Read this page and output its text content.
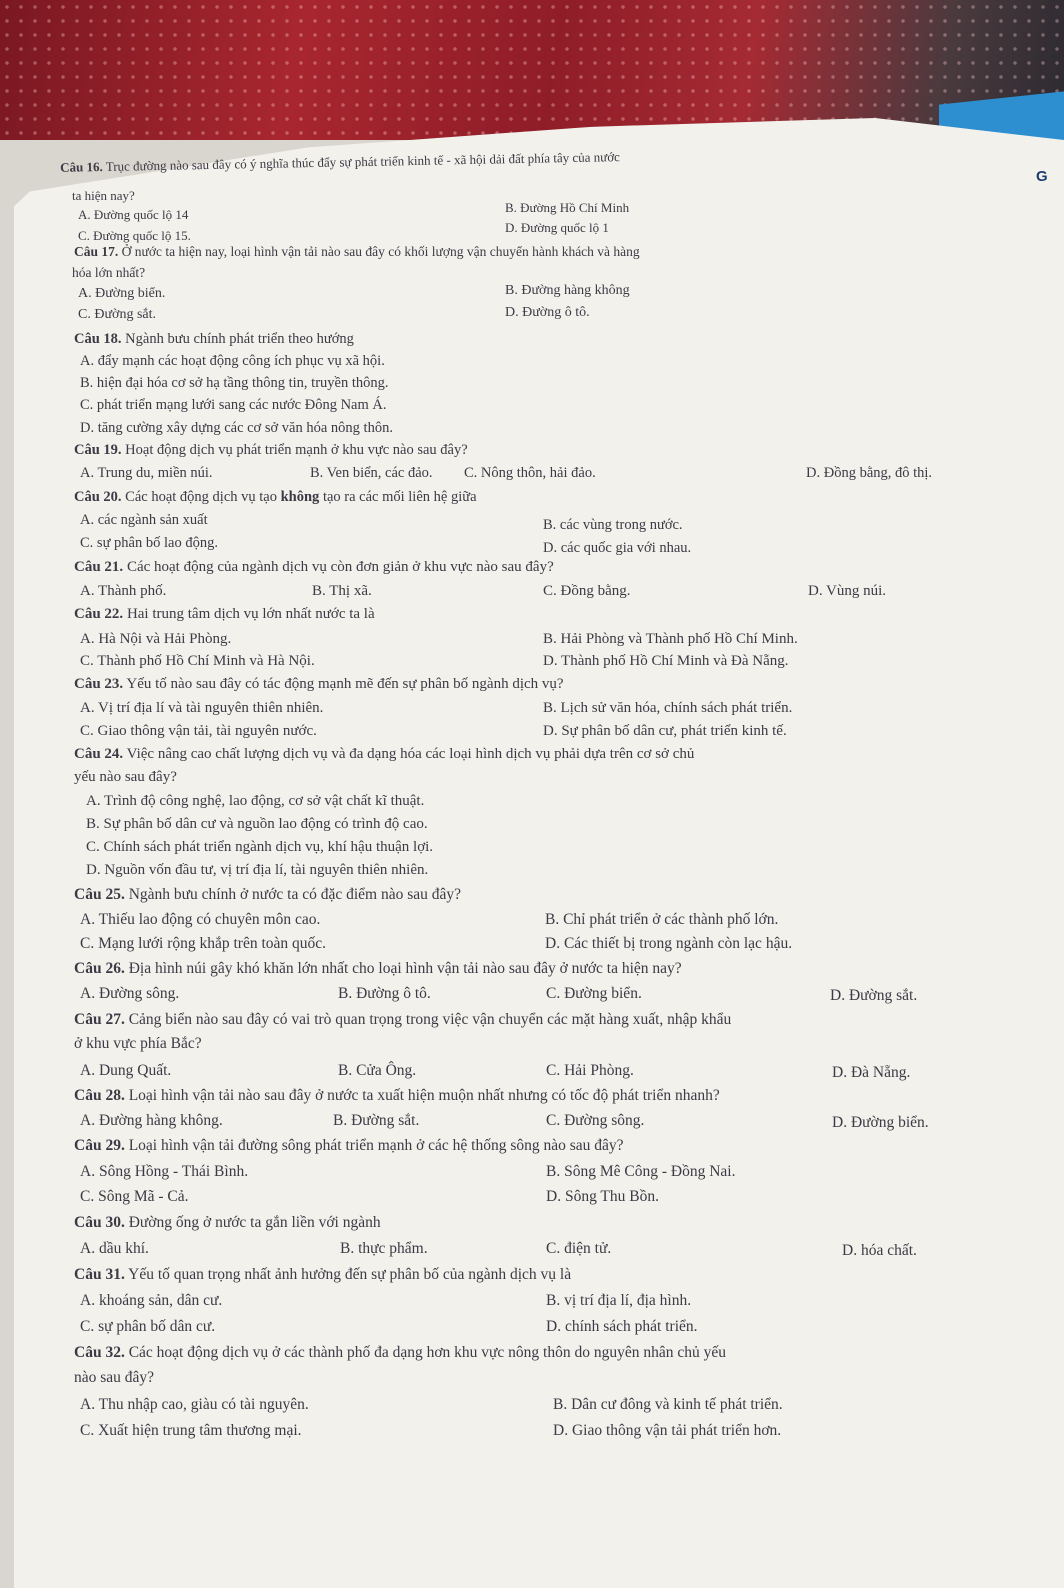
Câu 16. Trục đường nào sau đây có ý nghĩa thúc đẩy sự phát triển kinh tế - xã hội dải đất phía tây của nước
ta hiện nay?
A. Đường quốc lộ 14	B. Đường Hồ Chí Minh
C. Đường quốc lộ 15.
D. Đường quốc lộ 1
G
Câu 17. Ở nước ta hiện nay, loại hình vận tải nào sau đây có khối lượng vận chuyển hành khách và hàng
hóa lớn nhất?
A. Đường biển.	B. Đường hàng không
C. Đường sắt.	D. Đường ô tô.
Câu 18. Ngành bưu chính phát triển theo hướng
A. đẩy mạnh các hoạt động công ích phục vụ xã hội.
B. hiện đại hóa cơ sở hạ tầng thông tin, truyền thông.
C. phát triển mạng lưới sang các nước Đông Nam Á.
D. tăng cường xây dựng các cơ sở văn hóa nông thôn.
Câu 19. Hoạt động dịch vụ phát triển mạnh ở khu vực nào sau đây?
A. Trung du, miền núi.	B. Ven biển, các đảo. C. Nông thôn, hải đảo.	D. Đồng bằng, đô thị.
Câu 20. Các hoạt động dịch vụ tạo không tạo ra các mối liên hệ giữa
A. các ngành sản xuất	B. các vùng trong nước.
C. sự phân bố lao động.	D. các quốc gia với nhau.
Câu 21. Các hoạt động của ngành dịch vụ còn đơn giản ở khu vực nào sau đây?
A. Thành phố.	B. Thị xã.	C. Đồng bằng.	D. Vùng núi.
Câu 22. Hai trung tâm dịch vụ lớn nhất nước ta là
A. Hà Nội và Hải Phòng.	B. Hải Phòng và Thành phố Hồ Chí Minh.
C. Thành phố Hồ Chí Minh và Hà Nội.	D. Thành phố Hồ Chí Minh và Đà Nẵng.
Câu 23. Yếu tố nào sau đây có tác động mạnh mẽ đến sự phân bố ngành dịch vụ?
A. Vị trí địa lí và tài nguyên thiên nhiên.	B. Lịch sử văn hóa, chính sách phát triển.
C. Giao thông vận tải, tài nguyên nước.	D. Sự phân bố dân cư, phát triển kinh tế.
Câu 24. Việc nâng cao chất lượng dịch vụ và đa dạng hóa các loại hình dịch vụ phải dựa trên cơ sở chủ
yếu nào sau đây?
A. Trình độ công nghệ, lao động, cơ sở vật chất kĩ thuật.
B. Sự phân bố dân cư và nguồn lao động có trình độ cao.
C. Chính sách phát triển ngành dịch vụ, khí hậu thuận lợi.
D. Nguồn vốn đầu tư, vị trí địa lí, tài nguyên thiên nhiên.
Câu 25. Ngành bưu chính ở nước ta có đặc điểm nào sau đây?
A. Thiếu lao động có chuyên môn cao.	B. Chỉ phát triển ở các thành phố lớn.
C. Mạng lưới rộng khắp trên toàn quốc.	D. Các thiết bị trong ngành còn lạc hậu.
Câu 26. Địa hình núi gây khó khăn lớn nhất cho loại hình vận tải nào sau đây ở nước ta hiện nay?
A. Đường sông.	B. Đường ô tô.	C. Đường biển.	D. Đường sắt.
Câu 27. Cảng biển nào sau đây có vai trò quan trọng trong việc vận chuyển các mặt hàng xuất, nhập khẩu
ở khu vực phía Bắc?
A. Dung Quất.	B. Cửa Ông.	C. Hải Phòng.	D. Đà Nẵng.
Câu 28. Loại hình vận tải nào sau đây ở nước ta xuất hiện muộn nhất nhưng có tốc độ phát triển nhanh?
A. Đường hàng không.	B. Đường sắt.	C. Đường sông.	D. Đường biển.
Câu 29. Loại hình vận tải đường sông phát triển mạnh ở các hệ thống sông nào sau đây?
A. Sông Hồng - Thái Bình.	B. Sông Mê Công - Đồng Nai.
C. Sông Mã - Cả.	D. Sông Thu Bồn.
Câu 30. Đường ống ở nước ta gắn liền với ngành
A. dầu khí.	B. thực phẩm.	C. điện tử.	D. hóa chất.
Câu 31. Yếu tố quan trọng nhất ảnh hưởng đến sự phân bố của ngành dịch vụ là
A. khoáng sản, dân cư.	B. vị trí địa lí, địa hình.
C. sự phân bố dân cư.	D. chính sách phát triển.
Câu 32. Các hoạt động dịch vụ ở các thành phố đa dạng hơn khu vực nông thôn do nguyên nhân chủ yếu
nào sau đây?
A. Thu nhập cao, giàu có tài nguyên.	B. Dân cư đông và kinh tế phát triển.
C. Xuất hiện trung tâm thương mại.	D. Giao thông vận tải phát triển hơn.
